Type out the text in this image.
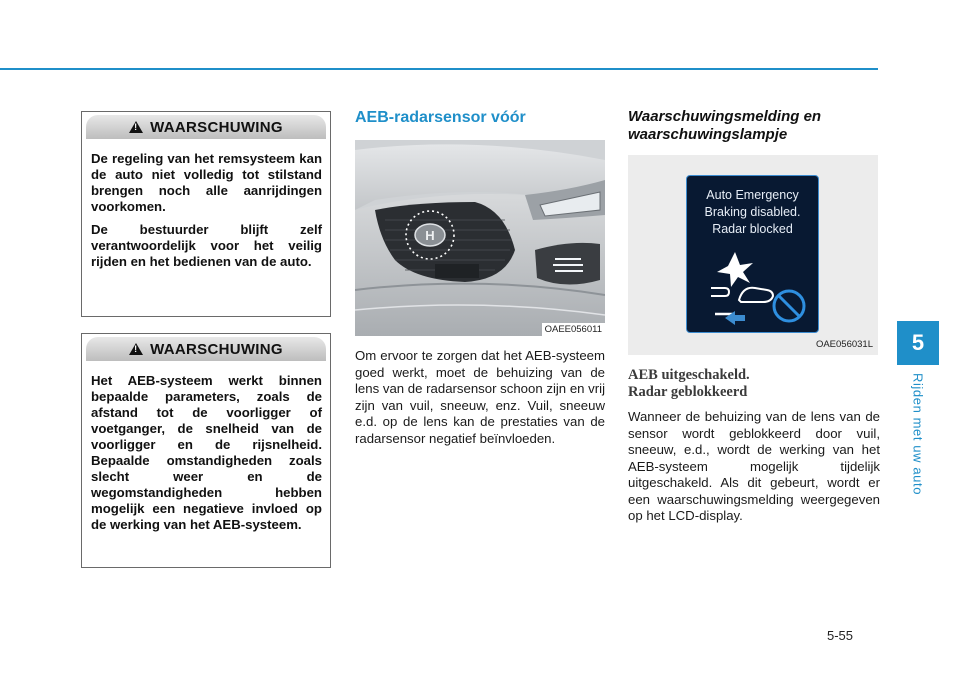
!
WAARSCHUWING

De regeling van het remsysteem kan de auto niet volledig tot stilstand brengen noch alle aanrijdingen voorkomen.

De bestuurder blijft zelf verantwoordelijk voor het veilig rijden en het bedienen van de auto.

!
WAARSCHUWING

Het AEB-systeem werkt binnen bepaalde parameters, zoals de afstand tot de voorligger of voetganger, de snelheid van de voorligger en de rijsnelheid. Bepaalde omstandigheden zoals slecht weer en de wegomstandigheden hebben mogelijk een negatieve invloed op de werking van het AEB-systeem.

AEB-radarsensor vóór
H
OAEE056011

Om ervoor te zorgen dat het AEB-systeem goed werkt, moet de behuizing van de lens van de radarsensor schoon zijn en vrij zijn van vuil, sneeuw, enz. Vuil, sneeuw e.d. op de lens kan de prestaties van de radarsensor negatief beïnvloeden.

Waarschuwingsmelding en
waarschuwingslampje
Auto Emergency
Braking disabled.
Radar blocked
OAE056031L
AEB uitgeschakeld.
Radar geblokkeerd

Wanneer de behuizing van de lens van de sensor wordt geblokkeerd door vuil, sneeuw, e.d., wordt de werking van het AEB-systeem mogelijk tijdelijk uitgeschakeld. Als dit gebeurt, wordt er een waarschuwingsmelding weergegeven op het LCD-display.

5
Rijden met uw auto
5-55
